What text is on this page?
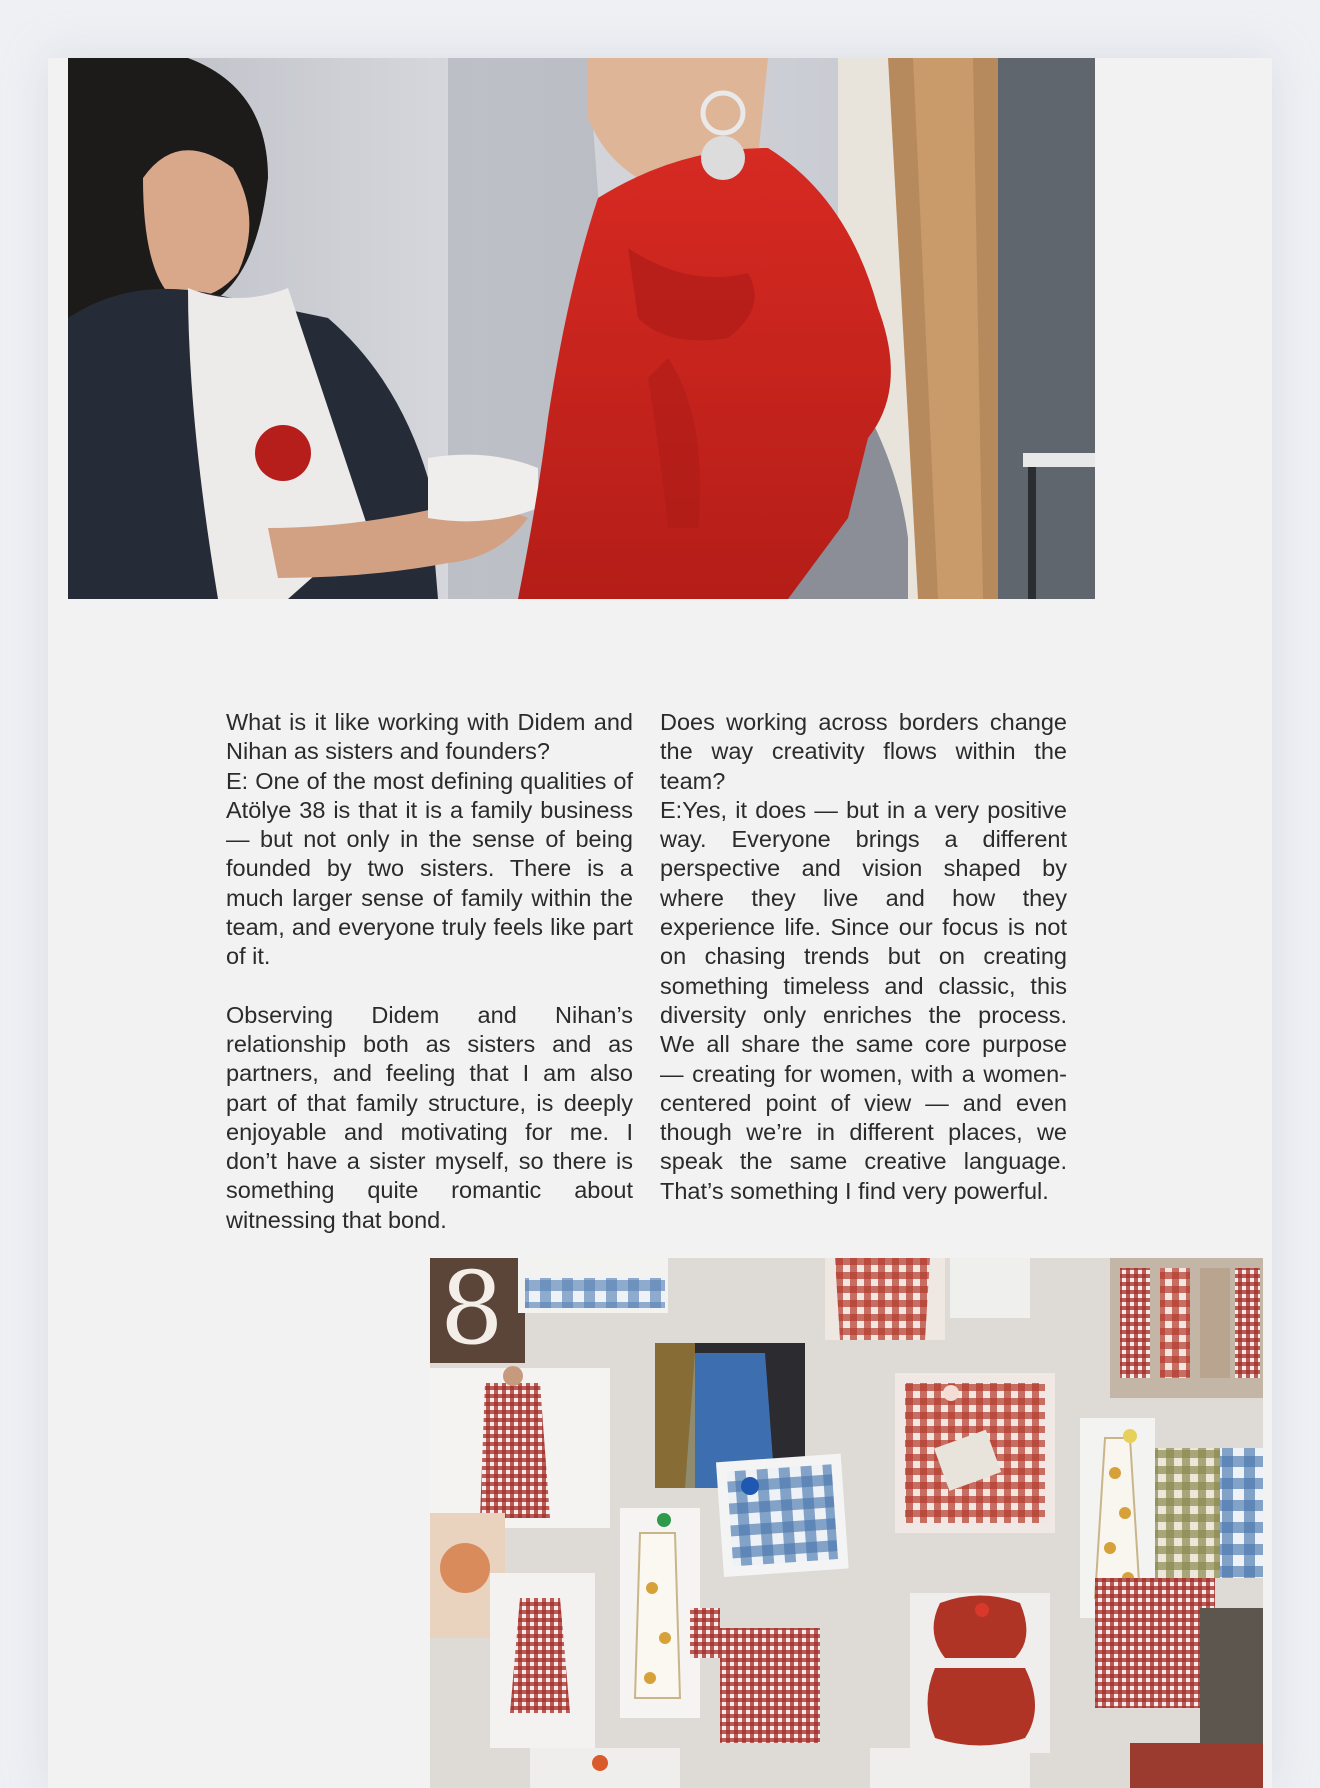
What is it like working with Didem and Nihan as sisters and founders?

E: One of the most defining qualities of Atölye 38 is that it is a family business — but not only in the sense of being founded by two sisters. There is a much larger sense of family within the team, and everyone truly feels like part of it.

Observing Didem and Nihan’s relationship both as sisters and as partners, and feeling that I am also part of that family structure, is deeply enjoyable and motivating for me. I don’t have a sister myself, so there is something quite romantic about witnessing that bond.

Does working across borders change the way creativity flows within the team?

E:Yes, it does — but in a very positive way. Everyone brings a different perspective and vision shaped by where they live and how they experience life. Since our focus is not on chasing trends but on creating something timeless and classic, this diversity only enriches the process. We all share the same core purpose — creating for women, with a women-centered point of view — and even though we’re in different places, we speak the same creative language. That’s something I find very powerful.

8
